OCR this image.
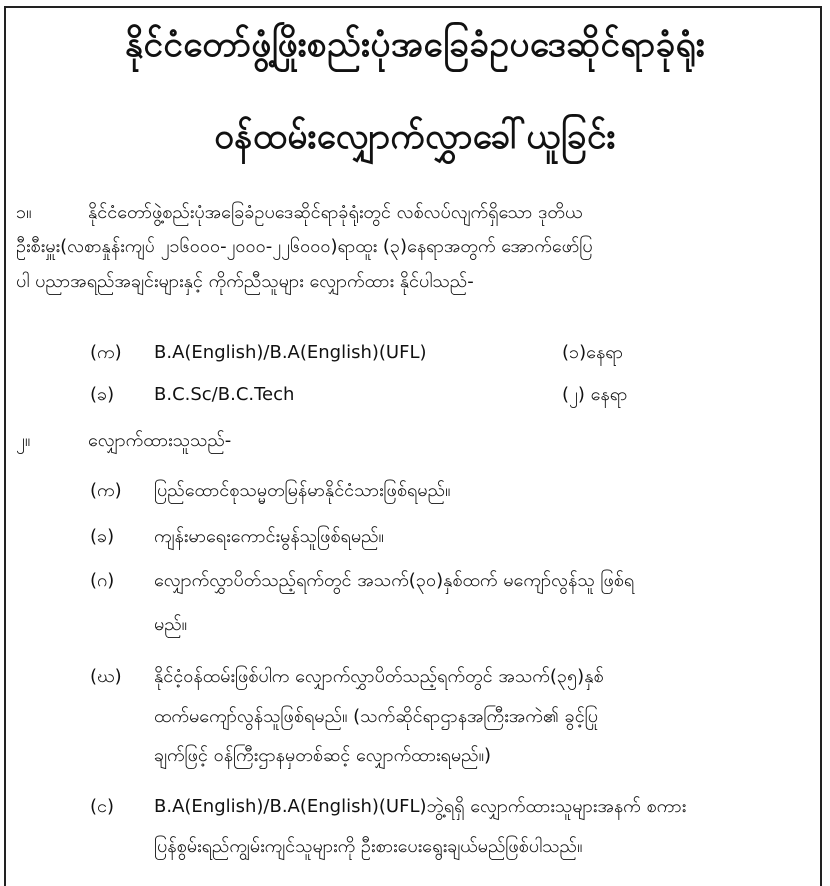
နိုင်ငံတော်ဖွံ့ဖြိုးစည်းပုံအခြေခံဥပဒေဆိုင်ရာခုံရုံး
ဝန်ထမ်းလျှောက်လွှာခေါ်ယူခြင်း
၁။	နိုင်ငံတော်ဖွဲ့စည်းပုံအခြေခံဥပဒေဆိုင်ရာခုံရုံးတွင် လစ်လပ်လျက်ရှိသော ဒုတိယ
ဦးစီးမှူး(လစာနှုန်းကျပ် ၂၁၆၀၀၀-၂၀၀၀-၂၂၆၀၀၀)ရာထူး (၃)နေရာအတွက် အောက်ဖော်ပြ
ပါ ပညာအရည်အချင်းများနှင့် ကိုက်ညီသူများ လျှောက်ထား နိုင်ပါသည်-
(က) B.A(English)/B.A(English)(UFL)	(၁)နေရာ
(ခ) B.C.Sc/B.C.Tech	(၂) နေရာ
၂။	လျှောက်ထားသူသည်-
(က) ပြည်ထောင်စုသမ္မတမြန်မာနိုင်ငံသားဖြစ်ရမည်။
(ခ) ကျန်းမာရေးကောင်းမွန်သူဖြစ်ရမည်။
(ဂ) လျှောက်လွှာပိတ်သည့်ရက်တွင် အသက်(၃၀)နှစ်ထက် မကျော်လွန်သူ ဖြစ်ရ
မည်။
(ဃ) နိုင်ငံ့ဝန်ထမ်းဖြစ်ပါက လျှောက်လွှာပိတ်သည့်ရက်တွင် အသက်(၃၅)နှစ်
ထက်မကျော်လွန်သူဖြစ်ရမည်။ (သက်ဆိုင်ရာဌာနအကြီးအကဲ၏ ခွင့်ပြု
ချက်ဖြင့် ဝန်ကြီးဌာနမှတစ်ဆင့် လျှောက်ထားရမည်။)
(င) B.A(English)/B.A(English)(UFL)ဘွဲ့ရရှိ လျှောက်ထားသူများအနက် စကား
ပြန်စွမ်းရည်ကျွမ်းကျင်သူများကို ဦးစားပေးရွေးချယ်မည်ဖြစ်ပါသည်။
